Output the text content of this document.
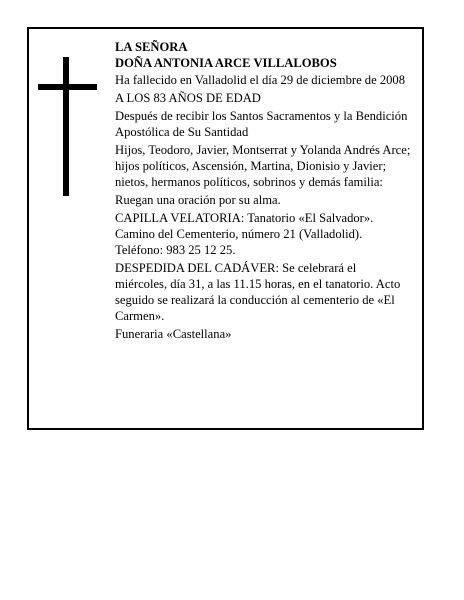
LA SEÑORA

DOÑA ANTONIA ARCE VILLALOBOS

Ha fallecido en Valladolid el día 29 de diciembre de 2008

A LOS 83 AÑOS DE EDAD

Después de recibir los Santos Sacramentos y la Bendición Apostólica de Su Santidad

Hijos, Teodoro, Javier, Montserrat y Yolanda Andrés Arce; hijos políticos, Ascensión, Martina, Dionisio y Javier; nietos, hermanos políticos, sobrinos y demás familia:

Ruegan una oración por su alma.

CAPILLA VELATORIA: Tanatorio «El Salvador». Camino del Cementerio, número 21 (Valladolid). Teléfono: 983 25 12 25.

DESPEDIDA DEL CADÁVER: Se celebrará el miércoles, día 31, a las 11.15 horas, en el tanatorio. Acto seguido se realizará la conducción al cementerio de «El Carmen».

Funeraria «Castellana»
